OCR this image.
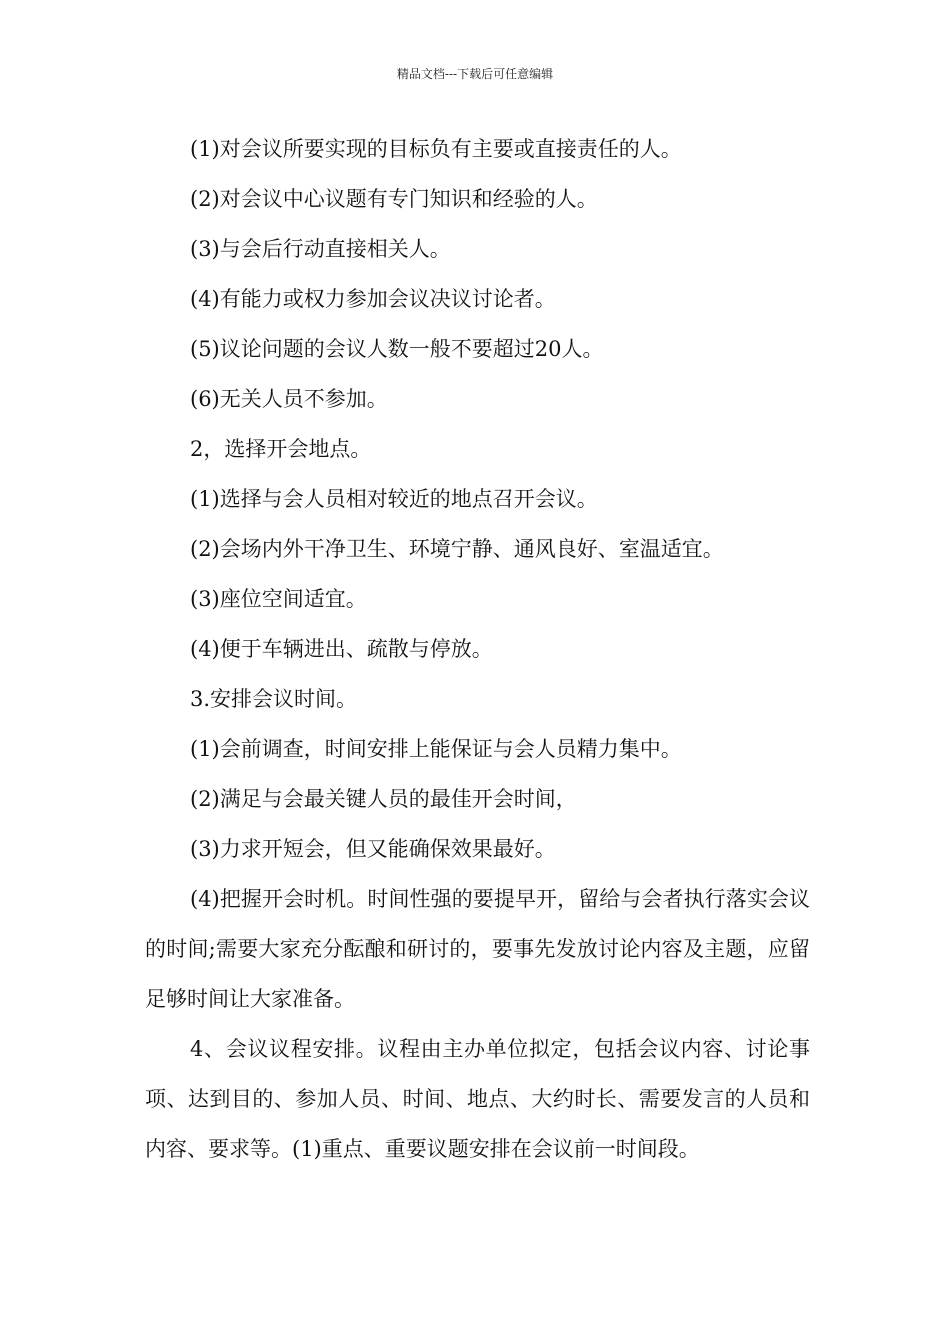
精品文档---下载后可任意编辑
(1)对会议所要实现的目标负有主要或直接责任的人。
(2)对会议中心议题有专门知识和经验的人。
(3)与会后行动直接相关人。
(4)有能力或权力参加会议决议讨论者。
(5)议论问题的会议人数一般不要超过20人。
(6)无关人员不参加。
2，选择开会地点。
(1)选择与会人员相对较近的地点召开会议。
(2)会场内外干净卫生、环境宁静、通风良好、室温适宜。
(3)座位空间适宜。
(4)便于车辆进出、疏散与停放。
3.安排会议时间。
(1)会前调查，时间安排上能保证与会人员精力集中。
(2)满足与会最关键人员的最佳开会时间，
(3)力求开短会，但又能确保效果最好。

(4)把握开会时机。时间性强的要提早开，留给与会者执行落实会议的时间;需要大家充分酝酿和研讨的，要事先发放讨论内容及主题，应留足够时间让大家准备。

4、会议议程安排。议程由主办单位拟定，包括会议内容、讨论事项、达到目的、参加人员、时间、地点、大约时长、需要发言的人员和内容、要求等。(1)重点、重要议题安排在会议前一时间段。
